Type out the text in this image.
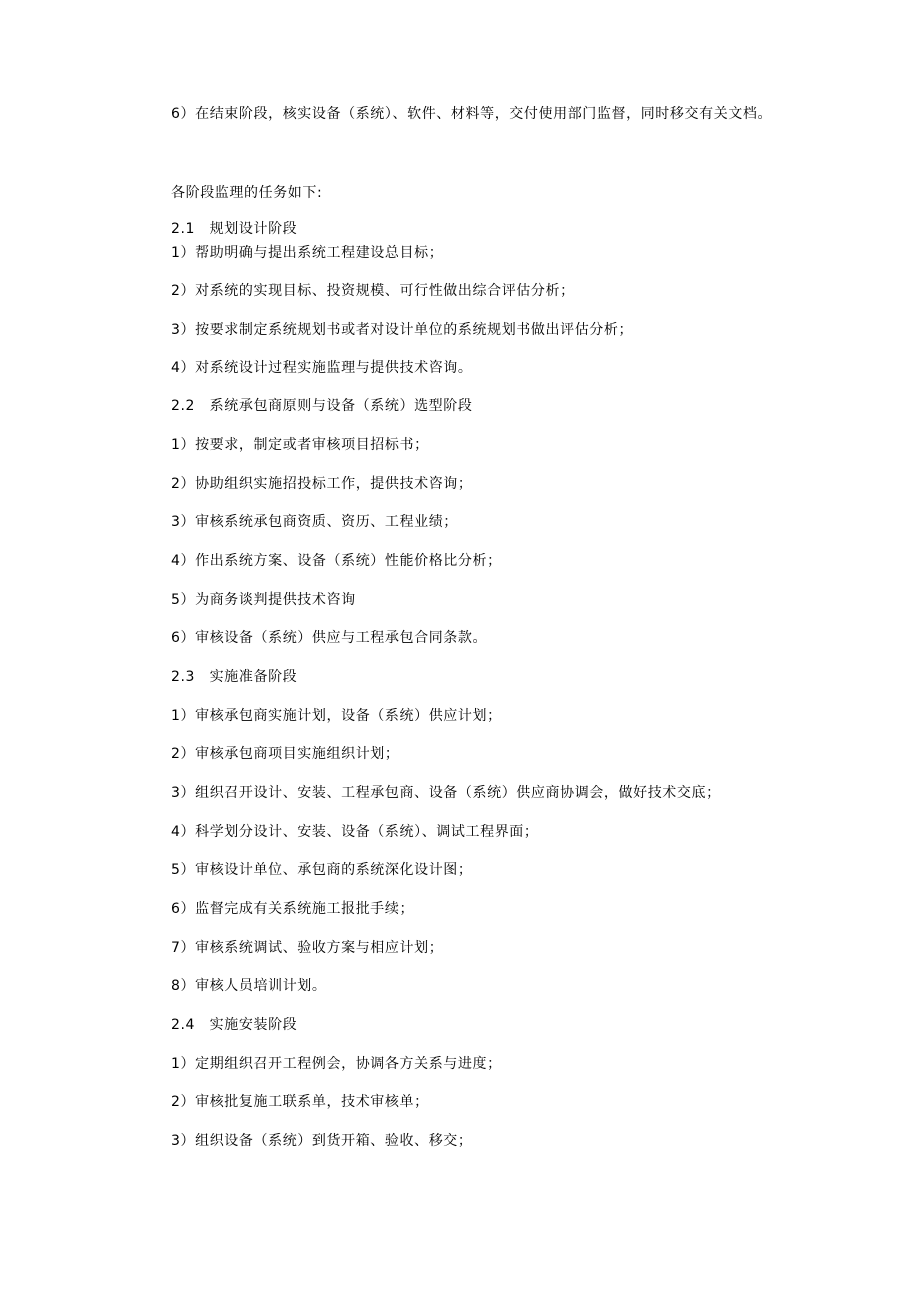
6）在结束阶段，核实设备（系统）、软件、材料等，交付使用部门监督，同时移交有关文档。
各阶段监理的任务如下:
2.1　规划设计阶段
1）帮助明确与提出系统工程建设总目标；
2）对系统的实现目标、投资规模、可行性做出综合评估分析；
3）按要求制定系统规划书或者对设计单位的系统规划书做出评估分析；
4）对系统设计过程实施监理与提供技术咨询。
2.2　系统承包商原则与设备（系统）选型阶段
1）按要求，制定或者审核项目招标书；
2）协助组织实施招投标工作，提供技术咨询；
3）审核系统承包商资质、资历、工程业绩；
4）作出系统方案、设备（系统）性能价格比分析；
5）为商务谈判提供技术咨询
6）审核设备（系统）供应与工程承包合同条款。
2.3　实施准备阶段
1）审核承包商实施计划，设备（系统）供应计划；
2）审核承包商项目实施组织计划；
3）组织召开设计、安装、工程承包商、设备（系统）供应商协调会，做好技术交底；
4）科学划分设计、安装、设备（系统）、调试工程界面；
5）审核设计单位、承包商的系统深化设计图；
6）监督完成有关系统施工报批手续；
7）审核系统调试、验收方案与相应计划；
8）审核人员培训计划。
2.4　实施安装阶段
1）定期组织召开工程例会，协调各方关系与进度；
2）审核批复施工联系单，技术审核单；
3）组织设备（系统）到货开箱、验收、移交；
